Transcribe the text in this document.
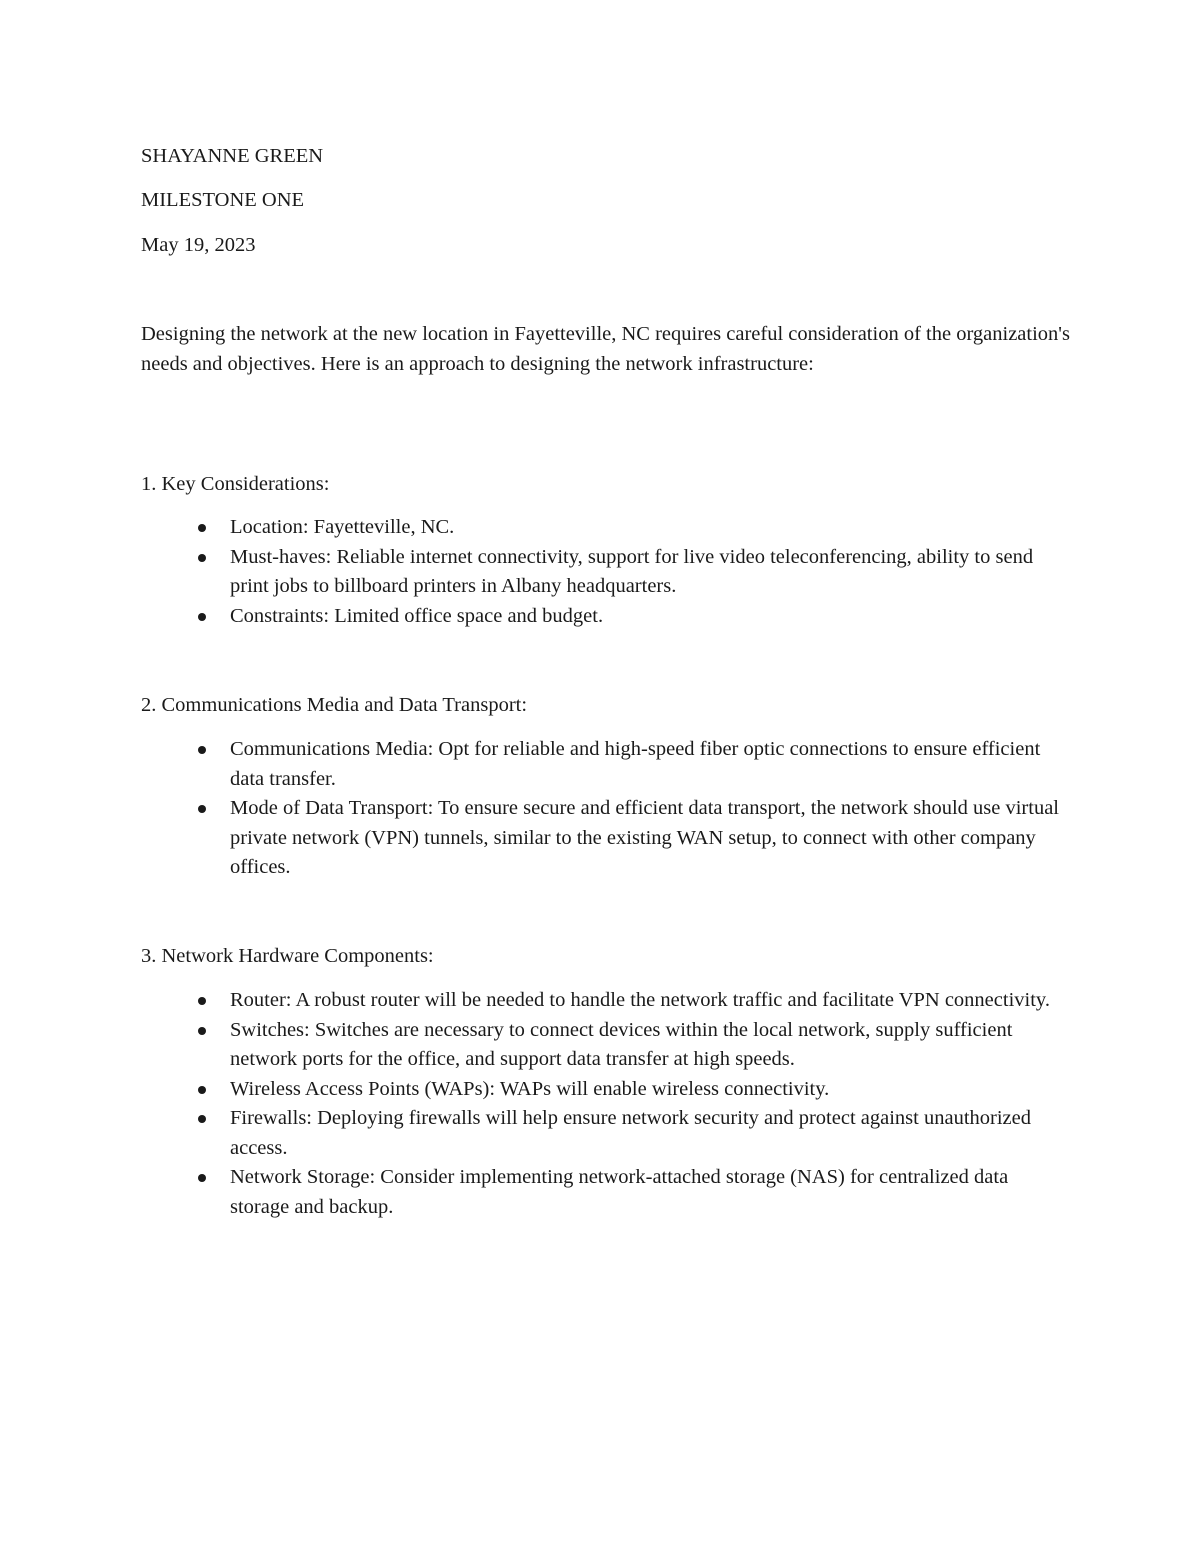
SHAYANNE GREEN
MILESTONE ONE
May 19, 2023
Designing the network at the new location in Fayetteville, NC requires careful consideration of the organization's needs and objectives. Here is an approach to designing the network infrastructure:
1. Key Considerations:
Location: Fayetteville, NC.
Must-haves: Reliable internet connectivity, support for live video teleconferencing, ability to send print jobs to billboard printers in Albany headquarters.
Constraints: Limited office space and budget.
2. Communications Media and Data Transport:
Communications Media: Opt for reliable and high-speed fiber optic connections to ensure efficient data transfer.
Mode of Data Transport: To ensure secure and efficient data transport, the network should use virtual private network (VPN) tunnels, similar to the existing WAN setup, to connect with other company offices.
3. Network Hardware Components:
Router: A robust router will be needed to handle the network traffic and facilitate VPN connectivity.
Switches: Switches are necessary to connect devices within the local network, supply sufficient network ports for the office, and support data transfer at high speeds.
Wireless Access Points (WAPs): WAPs will enable wireless connectivity.
Firewalls: Deploying firewalls will help ensure network security and protect against unauthorized access.
Network Storage: Consider implementing network-attached storage (NAS) for centralized data storage and backup.
